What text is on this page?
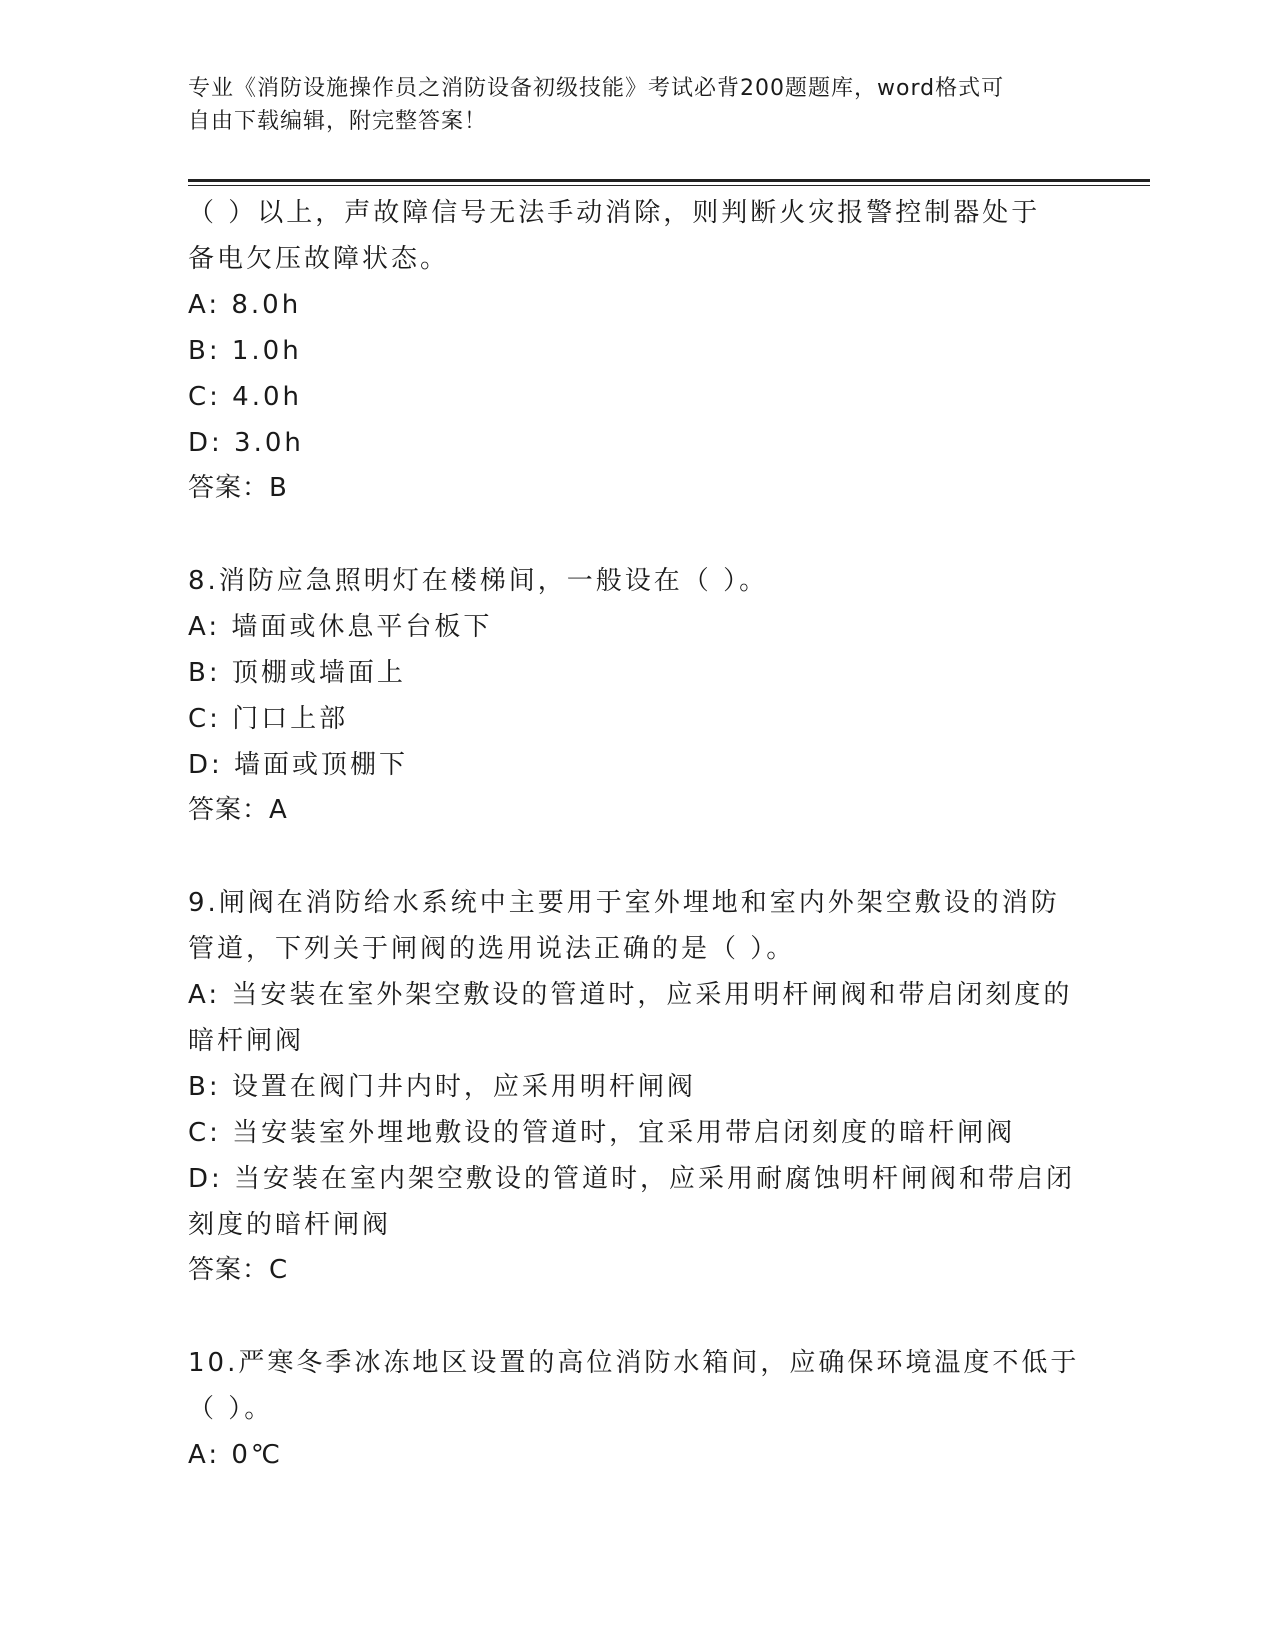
专业《消防设施操作员之消防设备初级技能》考试必背200题题库，word格式可
自由下载编辑，附完整答案！
（ ）以上，声故障信号无法手动消除，则判断火灾报警控制器处于
备电欠压故障状态。
A: 8.0h
B: 1.0h
C: 4.0h
D: 3.0h
答案：B
8.消防应急照明灯在楼梯间，一般设在（ ）。
A: 墙面或休息平台板下
B: 顶棚或墙面上
C: 门口上部
D: 墙面或顶棚下
答案：A
9.闸阀在消防给水系统中主要用于室外埋地和室内外架空敷设的消防
管道，下列关于闸阀的选用说法正确的是（ ）。
A: 当安装在室外架空敷设的管道时，应采用明杆闸阀和带启闭刻度的
暗杆闸阀
B: 设置在阀门井内时，应采用明杆闸阀
C: 当安装室外埋地敷设的管道时，宜采用带启闭刻度的暗杆闸阀
D: 当安装在室内架空敷设的管道时，应采用耐腐蚀明杆闸阀和带启闭
刻度的暗杆闸阀
答案：C
10.严寒冬季冰冻地区设置的高位消防水箱间，应确保环境温度不低于
（ ）。
A: 0℃
